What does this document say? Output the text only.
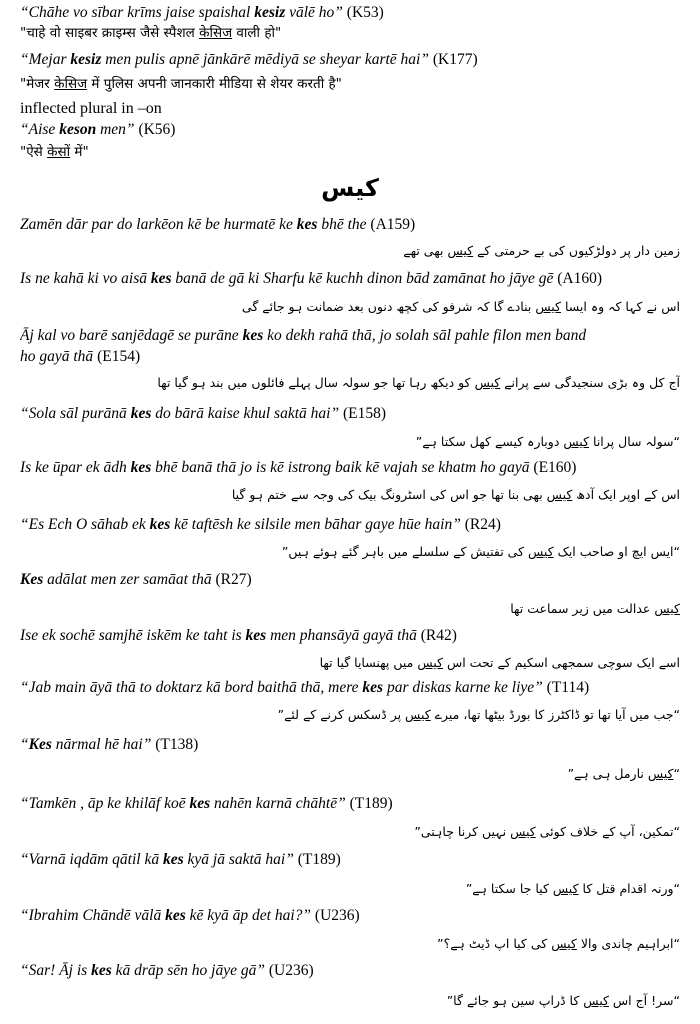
“Chāhe vo sībar krīms jaise spaishal kesiz vālē ho” (K53)
"चाहे वो साइबर क्राइम्स जैसे स्पैशल केसिज वाली हो"
“Mejar kesiz men pulis apnē jānkārē mēdiyā se sheyar kartē hai” (K177)
"मेजर केसिज में पुलिस अपनी जानकारी मीडिया से शेयर करती है"
inflected plural in –on
“Aise keson men” (K56)
"ऐसे केसों में"
کیس
Zamēn dār par do larkēon kē be hurmatē ke kes bhē the (A159)
زمین دار پر دولڑکیوں کی بے حرمتی کے کیس بھی تھے
Is ne kahā ki vo aisā kes banā de gā ki Sharfu kē kuchh dinon bād zamānat ho jāye gē (A160)
اس نے کہا کہ وہ ایسا کیس بنادے گا کہ شرفو کی کچھ دنوں بعد ضمانت ہو جائے گی
Āj kal vo barē sanjēdagē se purāne kes ko dekh rahā thā, jo solah sāl pahle filon men band
ho gayā thā (E154)
آج کل وہ بڑی سنجیدگی سے پرانے کیس کو دیکھ رہا تھا جو سولہ سال پہلے فائلوں میں بند ہو گیا تھا
“Sola sāl purānā kes do bārā kaise khul saktā hai” (E158)
“سولہ سال پرانا کیس دوبارہ کیسے کھل سکتا ہے”
Is ke ūpar ek ādh kes bhē banā thā jo is kē istrong baik kē vajah se khatm ho gayā (E160)
اس کے اوپر ایک آدھ کیس بھی بنا تھا جو اس کی اسٹرونگ بیک کی وجہ سے ختم ہو گیا
“Es Ech O sāhab ek kes kē taftēsh ke silsile men bāhar gaye hūe hain” (R24)
“ایس ایچ او صاحب ایک کیس کی تفتیش کے سلسلے میں باہر گئے ہوئے ہیں”
Kes adālat men zer samāat thā (R27)
کیس عدالت میں زیر سماعت تھا
Ise ek sochē samjhē iskēm ke taht is kes men phansāyā gayā thā (R42)
اسے ایک سوچی سمجھی اسکیم کے تحت اس کیس میں پھنسایا گیا تھا
“Jab main āyā thā to doktarz kā bord baithā thā, mere kes par diskas karne ke liye” (T114)
“جب میں آیا تھا تو ڈاکٹرز کا بورڈ بیٹھا تھا، میرے کیس پر ڈسکس کرنے کے لئے”
“Kes nārmal hē hai” (T138)
“کیس نارمل ہی ہے”
“Tamkēn , āp ke khilāf koē kes nahēn karnā chāhtē” (T189)
“تمکین، آپ کے خلاف کوئی کیس نہیں کرنا چاہتی”
“Varnā iqdām qātil kā kes kyā jā saktā hai” (T189)
“ورنہ اقدام قتل کا کیس کیا جا سکتا ہے”
“Ibrahim Chāndē vālā kes kē kyā āp det hai?” (U236)
“ابراہیم چاندی والا کیس کی کیا اپ ڈیٹ ہے؟”
“Sar! Āj is kes kā drāp sēn ho jāye gā” (U236)
“سر! آج اس کیس کا ڈراپ سین ہو جائے گا”
